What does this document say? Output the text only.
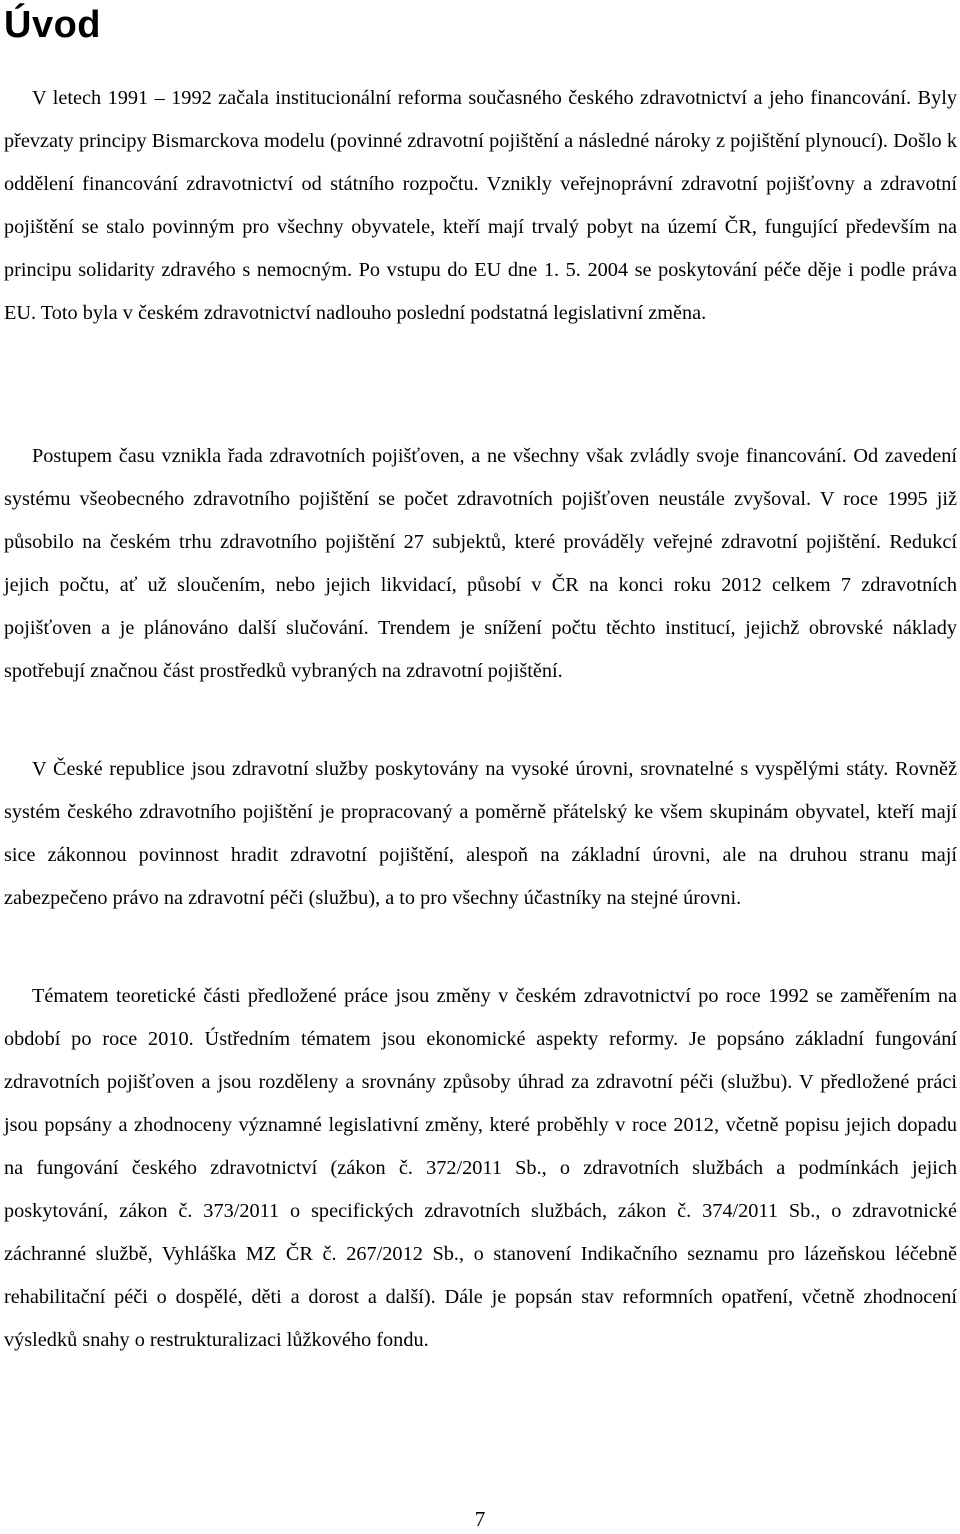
Úvod

V letech 1991 – 1992 začala institucionální reforma současného českého zdravotnictví a jeho financování. Byly převzaty principy Bismarckova modelu (povinné zdravotní pojištění a následné nároky z pojištění plynoucí). Došlo k oddělení financování zdravotnictví od státního rozpočtu. Vznikly veřejnoprávní zdravotní pojišťovny a zdravotní pojištění se stalo povinným pro všechny obyvatele, kteří mají trvalý pobyt na území ČR, fungující především na principu solidarity zdravého s nemocným. Po vstupu do EU dne 1. 5. 2004 se poskytování péče děje i podle práva EU. Toto byla v českém zdravotnictví nadlouho poslední podstatná legislativní změna.

Postupem času vznikla řada zdravotních pojišťoven, a ne všechny však zvládly svoje financování. Od zavedení systému všeobecného zdravotního pojištění se počet zdravotních pojišťoven neustále zvyšoval. V roce 1995 již působilo na českém trhu zdravotního pojištění 27 subjektů, které prováděly veřejné zdravotní pojištění. Redukcí jejich počtu, ať už sloučením, nebo jejich likvidací, působí v ČR na konci roku 2012 celkem 7 zdravotních pojišťoven a je plánováno další slučování. Trendem je snížení počtu těchto institucí, jejichž obrovské náklady spotřebují značnou část prostředků vybraných na zdravotní pojištění.

V České republice jsou zdravotní služby poskytovány na vysoké úrovni, srovnatelné s vyspělými státy. Rovněž systém českého zdravotního pojištění je propracovaný a poměrně přátelský ke všem skupinám obyvatel, kteří mají sice zákonnou povinnost hradit zdravotní pojištění, alespoň na základní úrovni, ale na druhou stranu mají zabezpečeno právo na zdravotní péči (službu), a to pro všechny účastníky na stejné úrovni.

Tématem teoretické části předložené práce jsou změny v českém zdravotnictví po roce 1992 se zaměřením na období po roce 2010. Ústředním tématem jsou ekonomické aspekty reformy. Je popsáno základní fungování zdravotních pojišťoven a jsou rozděleny a srovnány způsoby úhrad za zdravotní péči (službu). V předložené práci jsou popsány a zhodnoceny významné legislativní změny, které proběhly v roce 2012, včetně popisu jejich dopadu na fungování českého zdravotnictví (zákon č. 372/2011 Sb., o zdravotních službách a podmínkách jejich poskytování, zákon č. 373/2011 o specifických zdravotních službách, zákon č. 374/2011 Sb., o zdravotnické záchranné službě, Vyhláška MZ ČR č. 267/2012 Sb., o stanovení Indikačního seznamu pro lázeňskou léčebně rehabilitační péči o dospělé, děti a dorost a další). Dále je popsán stav reformních opatření, včetně zhodnocení výsledků snahy o restrukturalizaci lůžkového fondu.

7
